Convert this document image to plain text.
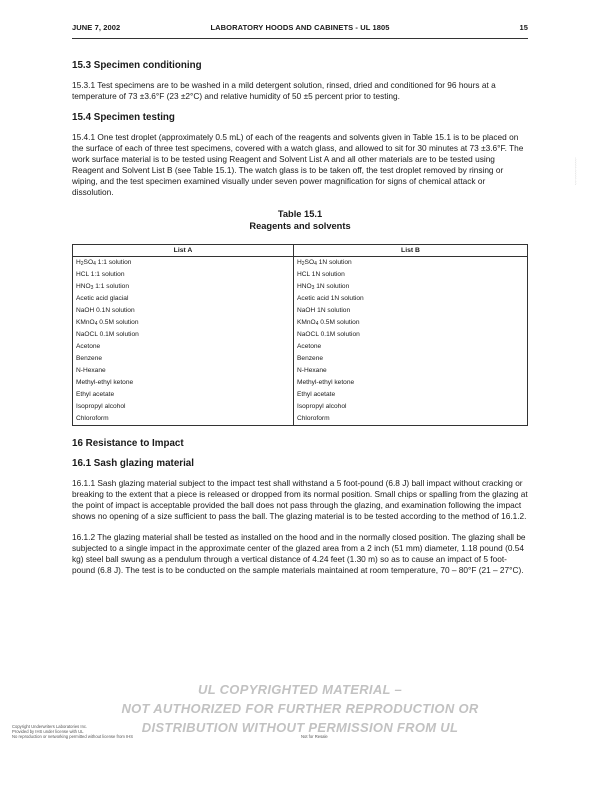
JUNE 7, 2002	LABORATORY HOODS AND CABINETS - UL 1805	15
15.3 Specimen conditioning

15.3.1 Test specimens are to be washed in a mild detergent solution, rinsed, dried and conditioned for 96 hours at a temperature of 73 ±3.6°F (23 ±2°C) and relative humidity of 50 ±5 percent prior to testing.

15.4 Specimen testing

15.4.1 One test droplet (approximately 0.5 mL) of each of the reagents and solvents given in Table 15.1 is to be placed on the surface of each of three test specimens, covered with a watch glass, and allowed to sit for 30 minutes at 73 ±3.6°F. The work surface material is to be tested using Reagent and Solvent List A and all other materials are to be tested using Reagent and Solvent List B (see Table 15.1). The watch glass is to be taken off, the test droplet removed by rinsing or wiping, and the test specimen examined visually under seven power magnification for signs of chemical attack or dissolution.

Table 15.1
Reagents and solvents
List A	List B
$H_2SO_4$ 1:1 solution	$H_2SO_4$ 1N solution
HCL 1:1 solution	HCL 1N solution
$HNO_3$ 1:1 solution	$HNO_3$ 1N solution
Acetic acid glacial	Acetic acid 1N solution
NaOH 0.1N solution	NaOH 1N solution
KMnO$_4$ 0.5M solution	KMnO$_4$ 0.5M solution
NaOCL 0.1M solution	NaOCL 0.1M solution
Acetone	Acetone
Benzene	Benzene
N-Hexane	N-Hexane
Methyl-ethyl ketone	Methyl-ethyl ketone
Ethyl acetate	Ethyl acetate
Isopropyl alcohol	Isopropyl alcohol
Chloroform	Chloroform
16 Resistance to Impact
16.1 Sash glazing material

16.1.1 Sash glazing material subject to the impact test shall withstand a 5 foot-pound (6.8 J) ball impact without cracking or breaking to the extent that a piece is released or dropped from its normal position. Small chips or spalling from the glazing at the point of impact is acceptable provided the ball does not pass through the glazing, and examination following the impact shows no opening of a size sufficient to pass the ball. The glazing material is to be tested according to the method of 16.1.2.

16.1.2 The glazing material shall be tested as installed on the hood and in the normally closed position. The glazing shall be subjected to a single impact in the approximate center of the glazed area from a 2 inch (51 mm) diameter, 1.18 pound (0.54 kg) steel ball swung as a pendulum through a vertical distance of 4.24 feet (1.30 m) so as to cause an impact of 5 foot-pound (6.8 J). The test is to be conducted on the sample materials maintained at room temperature, 70 – 80°F (21 – 27°C).

UL COPYRIGHTED MATERIAL –
NOT AUTHORIZED FOR FURTHER REPRODUCTION OR
DISTRIBUTION WITHOUT PERMISSION FROM UL
Copyright Underwriters Laboratories Inc.
Provided by IHS under license with UL
No reproduction or networking permitted without license from IHS	Not for Resale
-,-,-,-,-,-,-,-,-,-,-,-,-
